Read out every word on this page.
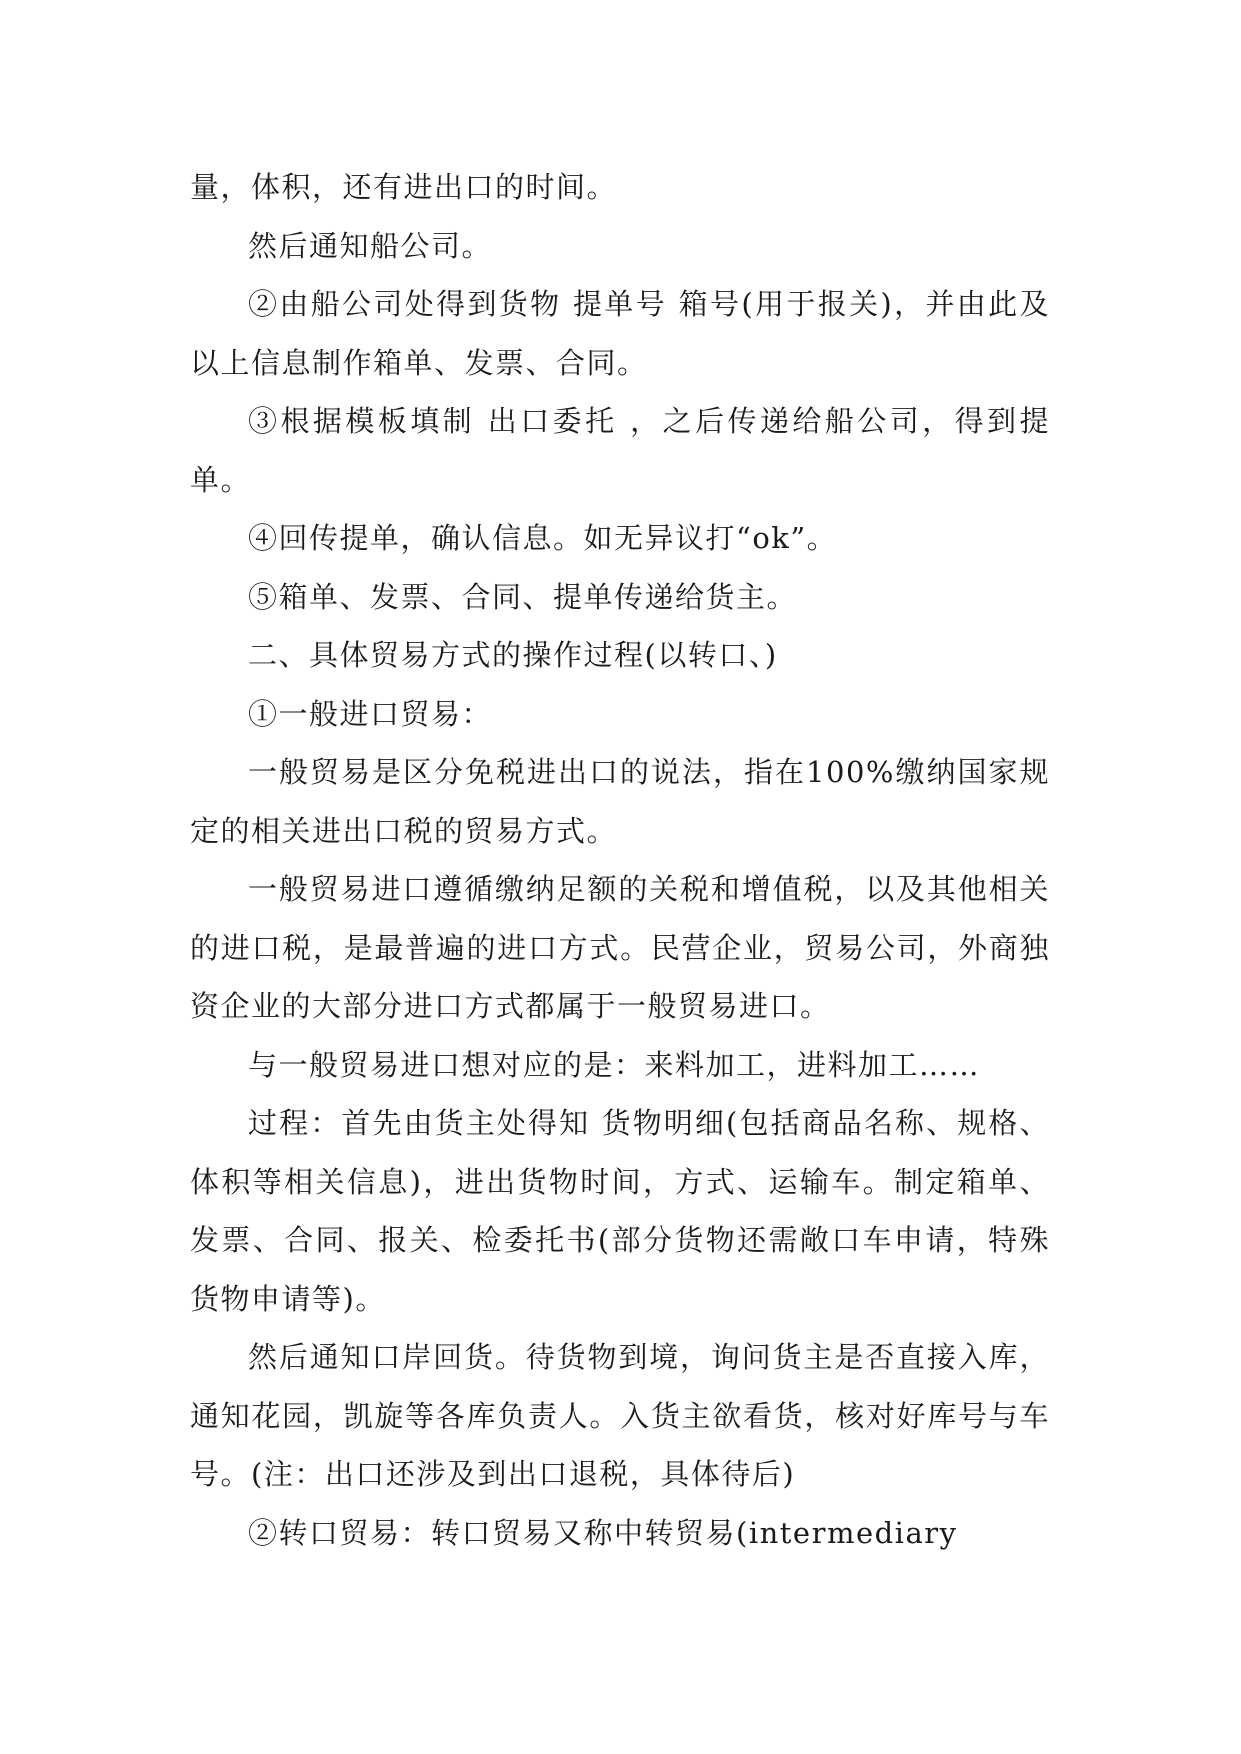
量，体积，还有进出口的时间。

然后通知船公司。

②由船公司处得到货物 提单号 箱号(用于报关)，并由此及以上信息制作箱单、发票、合同。

③根据模板填制 出口委托 ，之后传递给船公司，得到提单。

④回传提单，确认信息。如无异议打“ok”。

⑤箱单、发票、合同、提单传递给货主。

二、具体贸易方式的操作过程(以转口、)

①一般进口贸易：

一般贸易是区分免税进出口的说法，指在100%缴纳国家规定的相关进出口税的贸易方式。

一般贸易进口遵循缴纳足额的关税和增值税，以及其他相关的进口税，是最普遍的进口方式。民营企业，贸易公司，外商独资企业的大部分进口方式都属于一般贸易进口。

与一般贸易进口想对应的是：来料加工，进料加工……

过程：首先由货主处得知 货物明细(包括商品名称、规格、体积等相关信息)，进出货物时间，方式、运输车。制定箱单、发票、合同、报关、检委托书(部分货物还需敞口车申请，特殊货物申请等)。

然后通知口岸回货。待货物到境，询问货主是否直接入库，通知花园，凯旋等各库负责人。入货主欲看货，核对好库号与车号。(注：出口还涉及到出口退税，具体待后)

②转口贸易：转口贸易又称中转贸易(intermediary
